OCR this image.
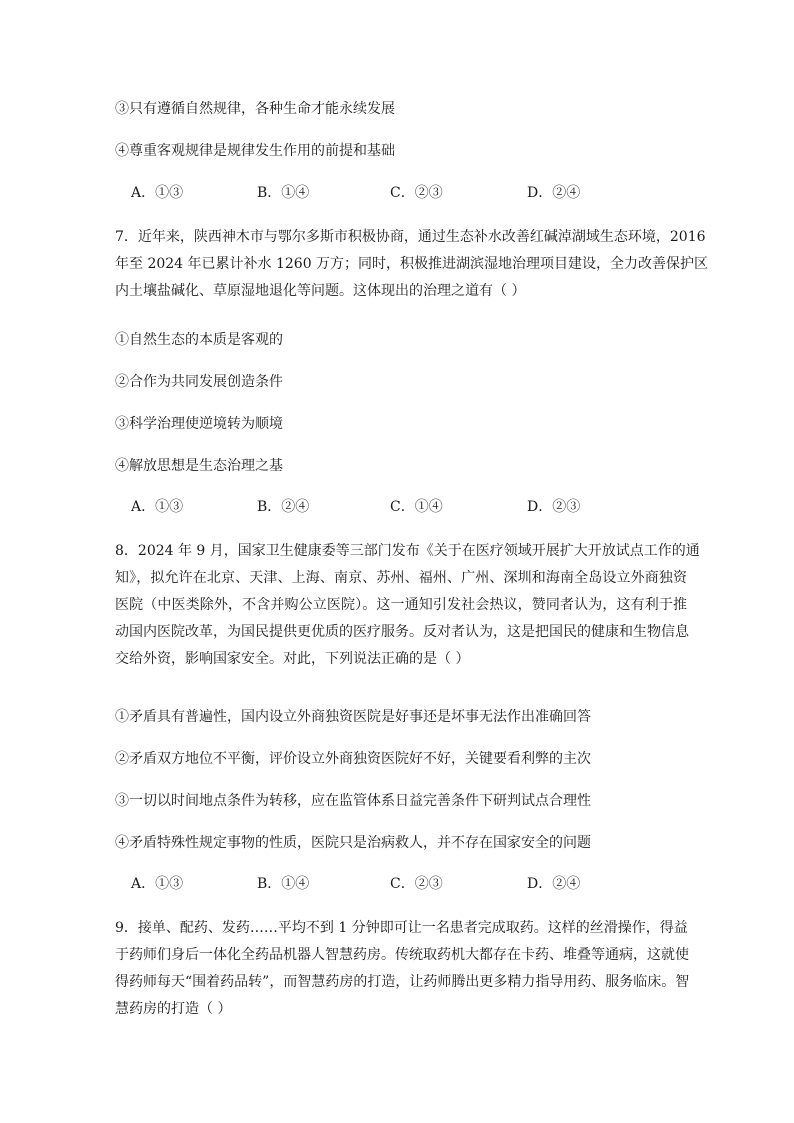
③只有遵循自然规律，各种生命才能永续发展
④尊重客观规律是规律发生作用的前提和基础
A．①③	B．①④	C．②③	D．②④
7．近年来，陕西神木市与鄂尔多斯市积极协商，通过生态补水改善红碱淖湖域生态环境，2016
年至 2024 年已累计补水 1260 万方；同时，积极推进湖滨湿地治理项目建设，全力改善保护区
内土壤盐碱化、草原湿地退化等问题。这体现出的治理之道有（ ）
①自然生态的本质是客观的
②合作为共同发展创造条件
③科学治理使逆境转为顺境
④解放思想是生态治理之基
A．①③	B．②④	C．①④	D．②③
8．2024 年 9 月，国家卫生健康委等三部门发布《关于在医疗领域开展扩大开放试点工作的通
知》，拟允许在北京、天津、上海、南京、苏州、福州、广州、深圳和海南全岛设立外商独资
医院（中医类除外，不含并购公立医院）。这一通知引发社会热议，赞同者认为，这有利于推
动国内医院改革，为国民提供更优质的医疗服务。反对者认为，这是把国民的健康和生物信息
交给外资，影响国家安全。对此，下列说法正确的是（ ）
①矛盾具有普遍性，国内设立外商独资医院是好事还是坏事无法作出准确回答
②矛盾双方地位不平衡，评价设立外商独资医院好不好，关键要看利弊的主次
③一切以时间地点条件为转移，应在监管体系日益完善条件下研判试点合理性
④矛盾特殊性规定事物的性质，医院只是治病救人，并不存在国家安全的问题
A．①③	B．①④	C．②③	D．②④
9．接单、配药、发药……平均不到 1 分钟即可让一名患者完成取药。这样的丝滑操作，得益
于药师们身后一体化全药品机器人智慧药房。传统取药机大都存在卡药、堆叠等通病，这就使
得药师每天“围着药品转”，而智慧药房的打造，让药师腾出更多精力指导用药、服务临床。智
慧药房的打造（ ）
